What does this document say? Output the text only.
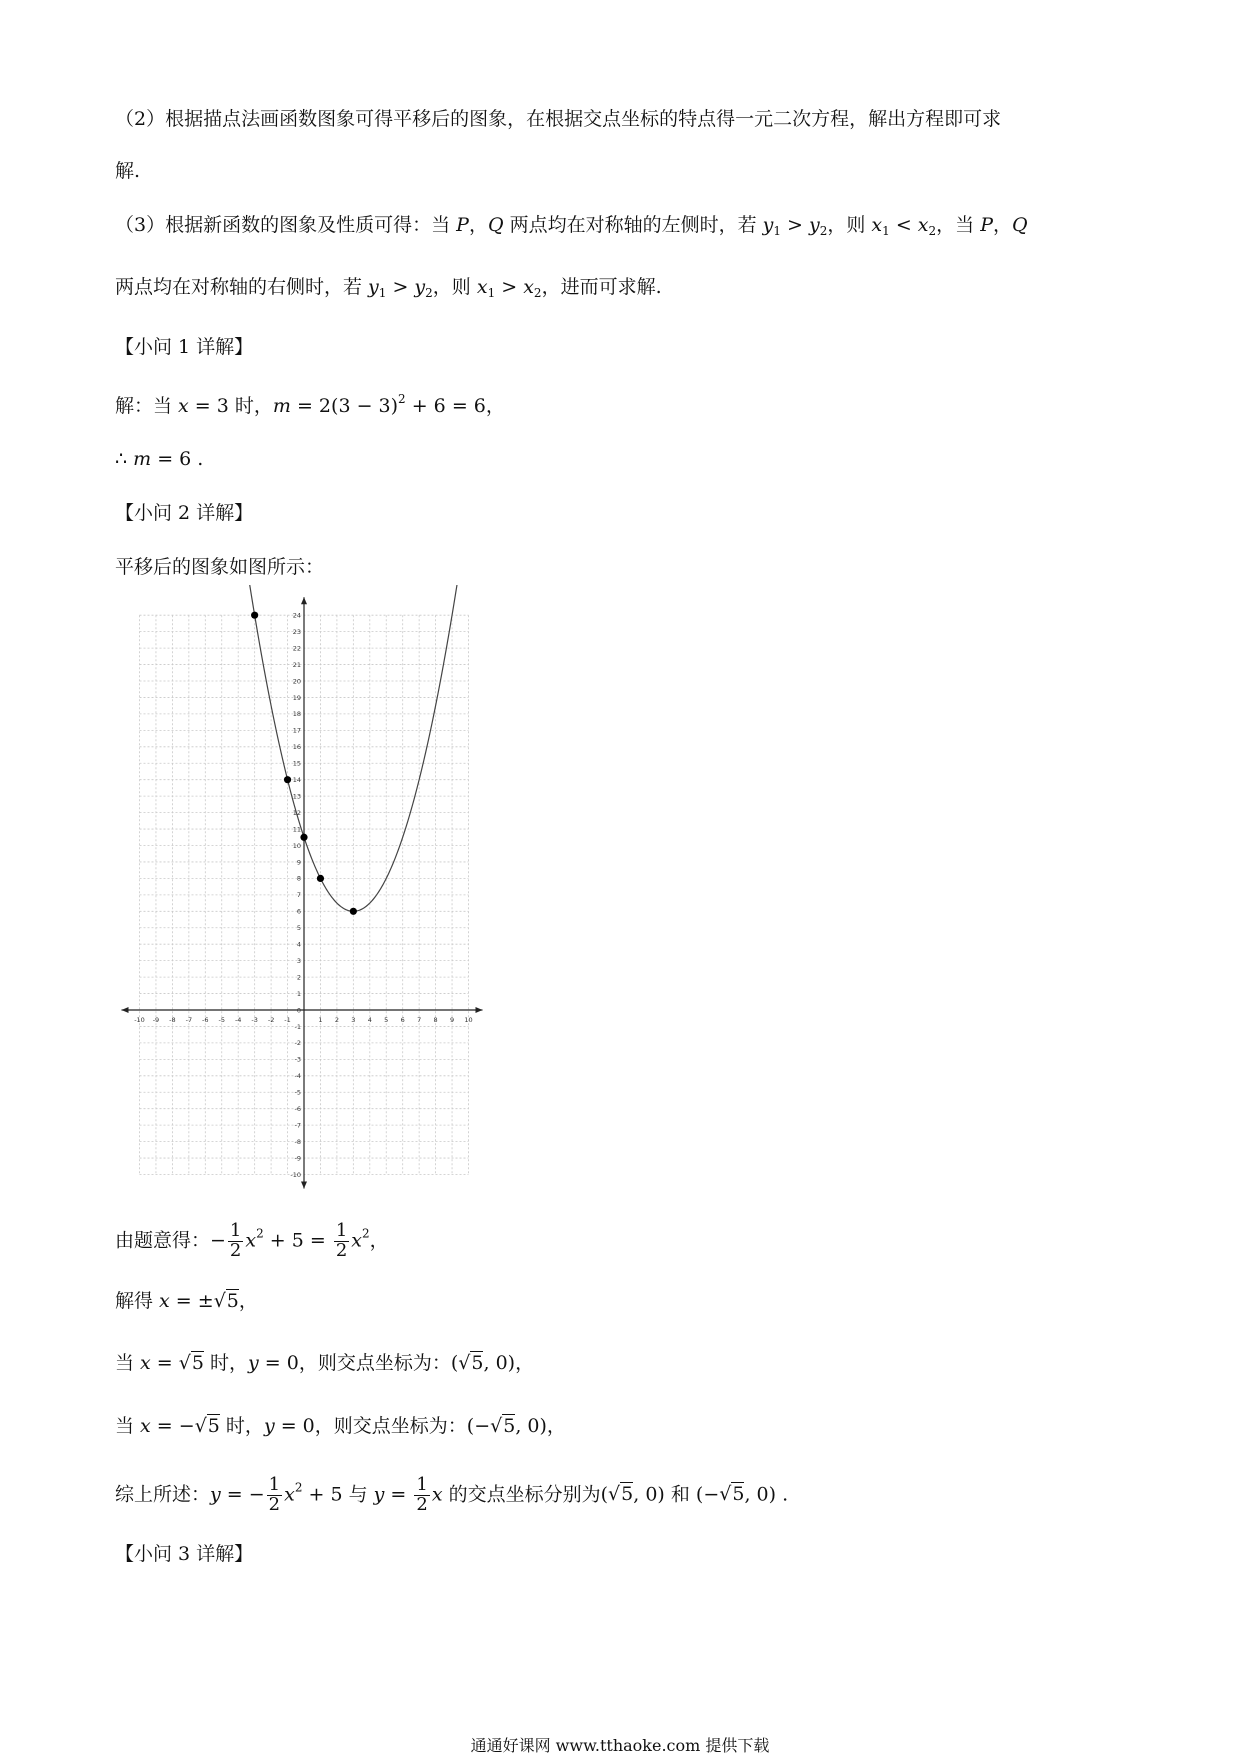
（2）根据描点法画函数图象可得平移后的图象，在根据交点坐标的特点得一元二次方程，解出方程即可求
解.
（3）根据新函数的图象及性质可得：当 P，Q 两点均在对称轴的左侧时，若 $y_1 > y_2$，则 $x_1 < x_2$，当 P，Q
两点均在对称轴的右侧时，若 $y_1 > y_2$，则 $x_1 > x_2$，进而可求解.
【小问 1 详解】
解：当 x = 3 时，$m = 2(3 - 3)^2 + 6 = 6$，
∴ m = 6 .
【小问 2 详解】
平移后的图象如图所示：
-10 -9 -8 -7 -6 -5 -4 -3 -2 -1	1 2 3 4 5 6 7 8 9 10
-10
-9
-8
-7
-6
-5
-4
-3
-2
-1
0
1
2
3
4
5
6
7
8
9
10
11
12
13
14
15
16
17
18
19
20
21
22
23
24
由题意得：− $\frac{1}{2} x^2 + 5 = \frac{1}{2} x^2$，
解得 x = ±√5，
当 x = √5 时，y = 0，则交点坐标为：(√5, 0)，
当 x = −√5 时，y = 0，则交点坐标为：(−√5, 0)，
综上所述：y = − $\frac{1}{2} x^2 + 5$ 与 $y = \frac{1}{2}$ x 的交点坐标分别为(√5, 0) 和 (−√5, 0) .
【小问 3 详解】
通通好课网 www.tthaoke.com 提供下载
